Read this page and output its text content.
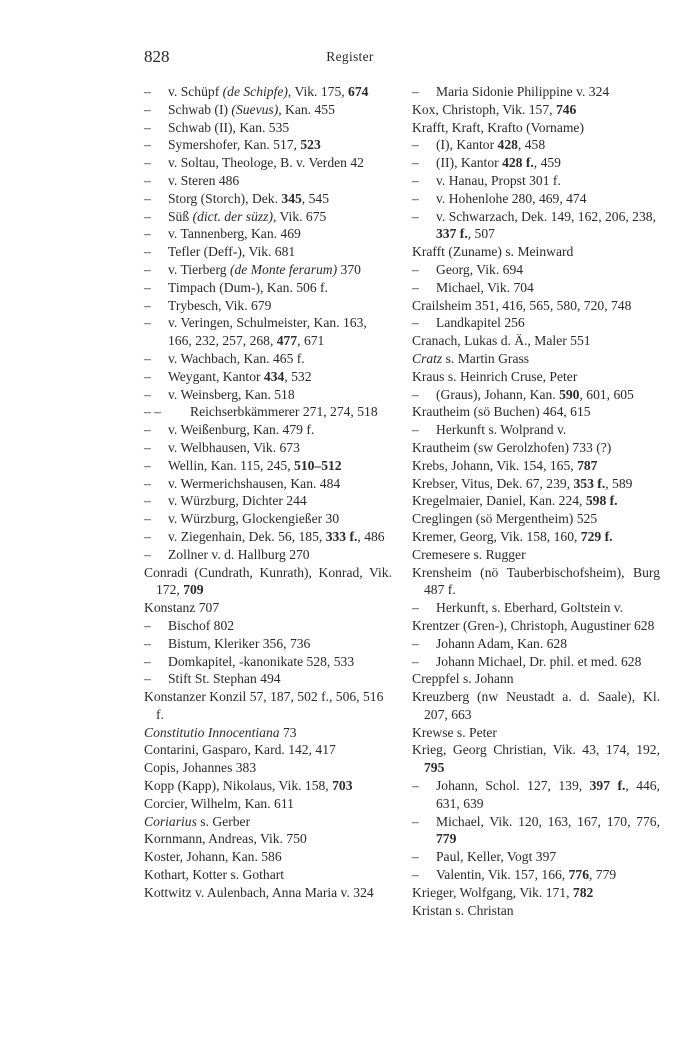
828	Register
– v. Schüpf (de Schipfe), Vik. 175, 674
– Schwab (I) (Suevus), Kan. 455
– Schwab (II), Kan. 535
– Symershofer, Kan. 517, 523
– v. Soltau, Theologe, B. v. Verden 42
– v. Steren 486
– Storg (Storch), Dek. 345, 545
– Süß (dict. der süzz), Vik. 675
– v. Tannenberg, Kan. 469
– Tefler (Deff-), Vik. 681
– v. Tierberg (de Monte ferarum) 370
– Timpach (Dum-), Kan. 506 f.
– Trybesch, Vik. 679
– v. Veringen, Schulmeister, Kan. 163, 166, 232, 257, 268, 477, 671
– v. Wachbach, Kan. 465 f.
– Weygant, Kantor 434, 532
– v. Weinsberg, Kan. 518
– – Reichserbkämmerer 271, 274, 518
– v. Weißenburg, Kan. 479 f.
– v. Welbhausen, Vik. 673
– Wellin, Kan. 115, 245, 510–512
– v. Wermerichshausen, Kan. 484
– v. Würzburg, Dichter 244
– v. Würzburg, Glockengießer 30
– v. Ziegenhain, Dek. 56, 185, 333 f., 486
– Zollner v. d. Hallburg 270
Conradi (Cundrath, Kunrath), Konrad, Vik. 172, 709
Konstanz 707
– Bischof 802
– Bistum, Kleriker 356, 736
– Domkapitel, -kanonikate 528, 533
– Stift St. Stephan 494
Konstanzer Konzil 57, 187, 502 f., 506, 516 f.
Constitutio Innocentiana 73
Contarini, Gasparo, Kard. 142, 417
Copis, Johannes 383
Kopp (Kapp), Nikolaus, Vik. 158, 703
Corcier, Wilhelm, Kan. 611
Coriarius s. Gerber
Kornmann, Andreas, Vik. 750
Koster, Johann, Kan. 586
Kothart, Kotter s. Gothart
Kottwitz v. Aulenbach, Anna Maria v. 324
– Maria Sidonie Philippine v. 324
Kox, Christoph, Vik. 157, 746
Krafft, Kraft, Krafto (Vorname)
– (I), Kantor 428, 458
– (II), Kantor 428 f., 459
– v. Hanau, Propst 301 f.
– v. Hohenlohe 280, 469, 474
– v. Schwarzach, Dek. 149, 162, 206, 238, 337 f., 507
Krafft (Zuname) s. Meinward
– Georg, Vik. 694
– Michael, Vik. 704
Crailsheim 351, 416, 565, 580, 720, 748
– Landkapitel 256
Cranach, Lukas d. Ä., Maler 551
Cratz s. Martin Grass
Kraus s. Heinrich Cruse, Peter
– (Graus), Johann, Kan. 590, 601, 605
Krautheim (sö Buchen) 464, 615
– Herkunft s. Wolprand v.
Krautheim (sw Gerolzhofen) 733 (?)
Krebs, Johann, Vik. 154, 165, 787
Krebser, Vitus, Dek. 67, 239, 353 f., 589
Kregelmaier, Daniel, Kan. 224, 598 f.
Creglingen (sö Mergentheim) 525
Kremer, Georg, Vik. 158, 160, 729 f.
Cremesere s. Rugger
Krensheim (nö Tauberbischofsheim), Burg 487 f.
– Herkunft, s. Eberhard, Goltstein v.
Krentzer (Gren-), Christoph, Augustiner 628
– Johann Adam, Kan. 628
– Johann Michael, Dr. phil. et med. 628
Creppfel s. Johann
Kreuzberg (nw Neustadt a. d. Saale), Kl. 207, 663
Krewse s. Peter
Krieg, Georg Christian, Vik. 43, 174, 192, 795
– Johann, Schol. 127, 139, 397 f., 446, 631, 639
– Michael, Vik. 120, 163, 167, 170, 776, 779
– Paul, Keller, Vogt 397
– Valentin, Vik. 157, 166, 776, 779
Krieger, Wolfgang, Vik. 171, 782
Kristan s. Christan
